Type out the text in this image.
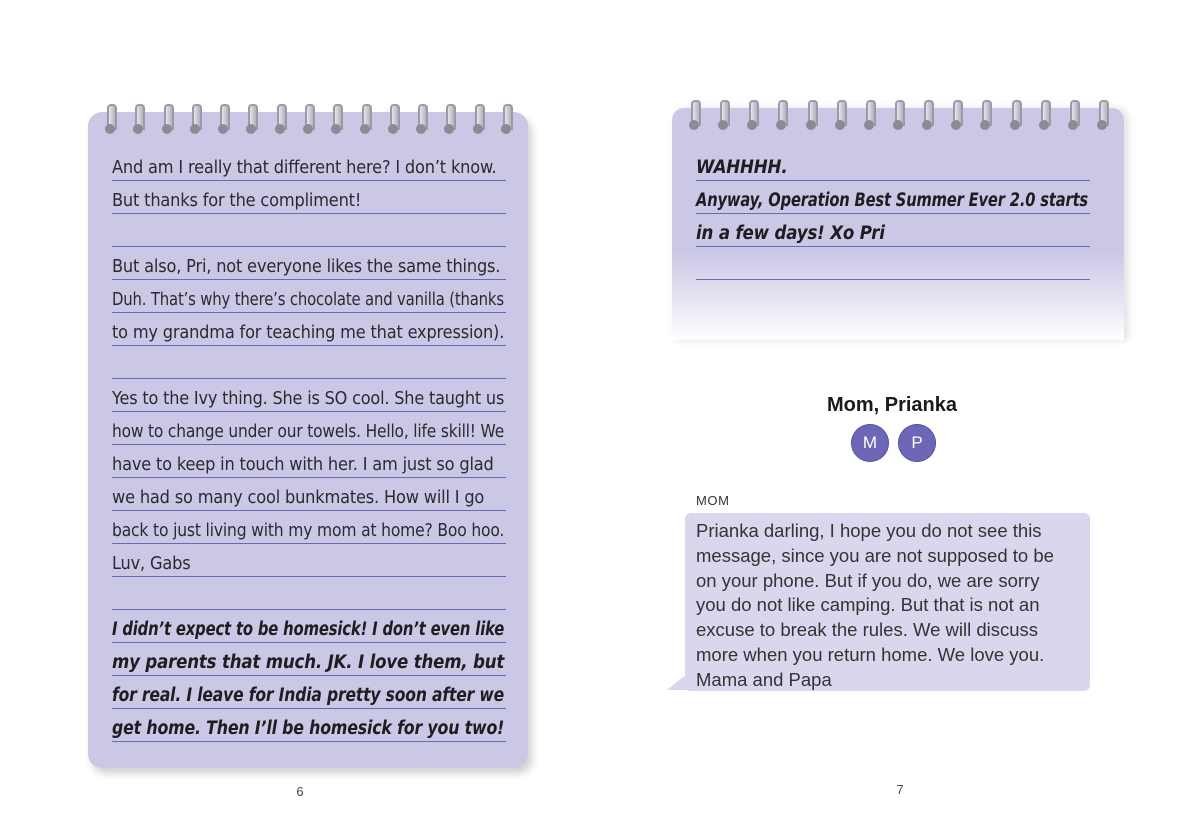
And am I really that different here? I don’t know.
But thanks for the compliment!
But also, Pri, not everyone likes the same things.
Duh. That’s why there’s chocolate and vanilla (thanks
to my grandma for teaching me that expression).
Yes to the Ivy thing. She is SO cool. She taught us
how to change under our towels. Hello, life skill! We
have to keep in touch with her. I am just so glad
we had so many cool bunkmates. How will I go
back to just living with my mom at home? Boo hoo.
Luv, Gabs
I didn’t expect to be homesick! I don’t even like
my parents that much. JK. I love them, but
for real. I leave for India pretty soon after we
get home. Then I’ll be homesick for you two!
6
WAHHHH.
Anyway, Operation Best Summer Ever 2.0 starts
in a few days! Xo Pri
Mom, Prianka
M	P
MOM
Prianka darling, I hope you do not see this
message, since you are not supposed to be
on your phone. But if you do, we are sorry
you do not like camping. But that is not an
excuse to break the rules. We will discuss
more when you return home. We love you.
Mama and Papa
7
